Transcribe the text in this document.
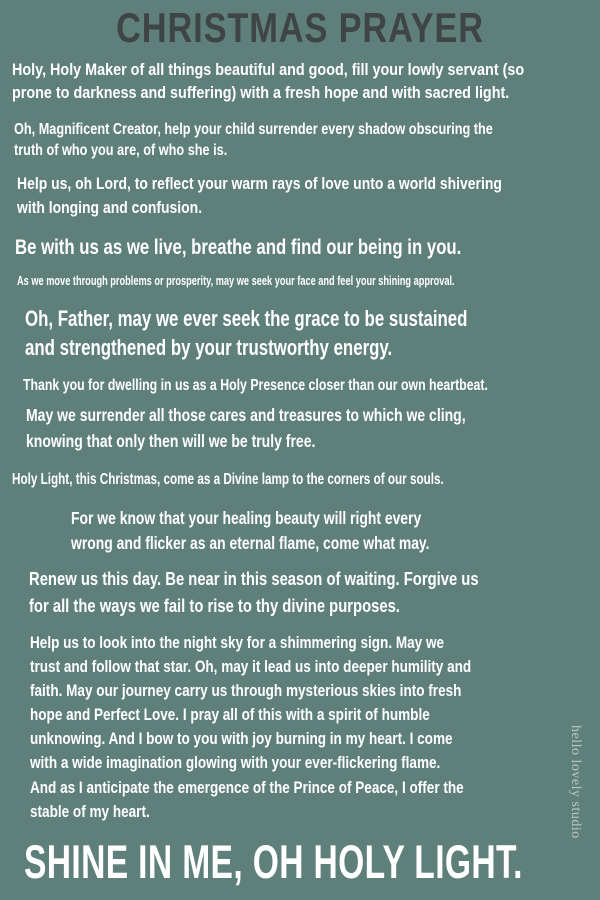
CHRISTMAS PRAYER
Holy, Holy Maker of all things beautiful and good, fill your lowly servant (so
prone to darkness and suffering) with a fresh hope and with sacred light.
Oh, Magnificent Creator, help your child surrender every shadow obscuring the
truth of who you are, of who she is.
Help us, oh Lord, to reflect your warm rays of love unto a world shivering
with longing and confusion.
Be with us as we live, breathe and find our being in you.
As we move through problems or prosperity, may we seek your face and feel your shining approval.
Oh, Father, may we ever seek the grace to be sustained
and strengthened by your trustworthy energy.
Thank you for dwelling in us as a Holy Presence closer than our own heartbeat.
May we surrender all those cares and treasures to which we cling,
knowing that only then will we be truly free.
Holy Light, this Christmas, come as a Divine lamp to the corners of our souls.
For we know that your healing beauty will right every
wrong and flicker as an eternal flame, come what may.
Renew us this day. Be near in this season of waiting. Forgive us
for all the ways we fail to rise to thy divine purposes.
Help us to look into the night sky for a shimmering sign. May we
trust and follow that star. Oh, may it lead us into deeper humility and
faith. May our journey carry us through mysterious skies into fresh
hope and Perfect Love. I pray all of this with a spirit of humble
unknowing. And I bow to you with joy burning in my heart. I come
with a wide imagination glowing with your ever-flickering flame.
And as I anticipate the emergence of the Prince of Peace, I offer the
stable of my heart.
SHINE IN ME, OH HOLY LIGHT.
hello lovely studio
